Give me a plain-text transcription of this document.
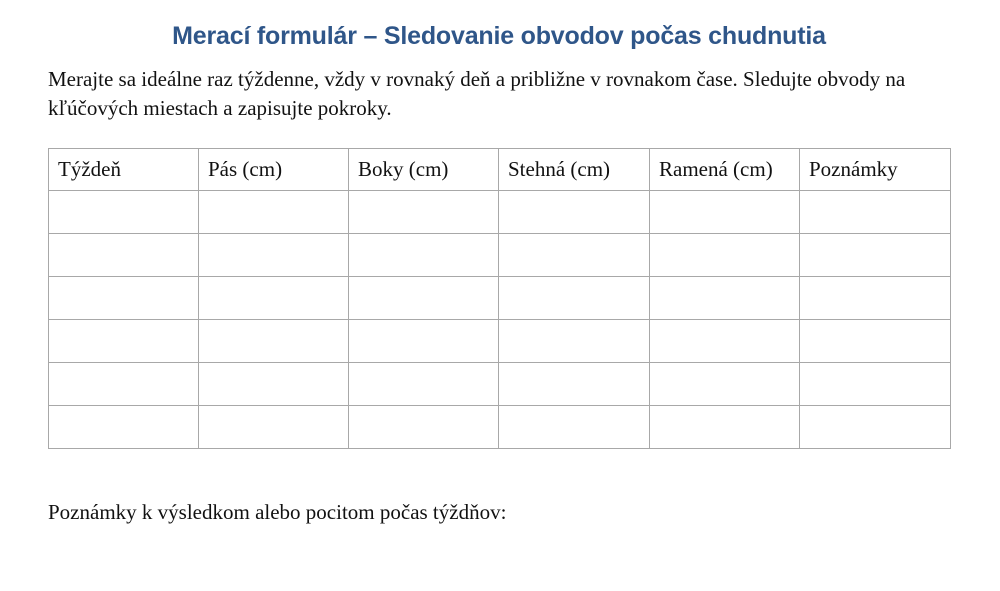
Merací formulár – Sledovanie obvodov počas chudnutia

Merajte sa ideálne raz týždenne, vždy v rovnaký deň a približne v rovnakom čase. Sledujte obvody na kľúčových miestach a zapisujte pokroky.

Týždeň	Pás (cm)	Boky (cm)	Stehná (cm)	Ramená (cm)	Poznámky

Poznámky k výsledkom alebo pocitom počas týždňov:
